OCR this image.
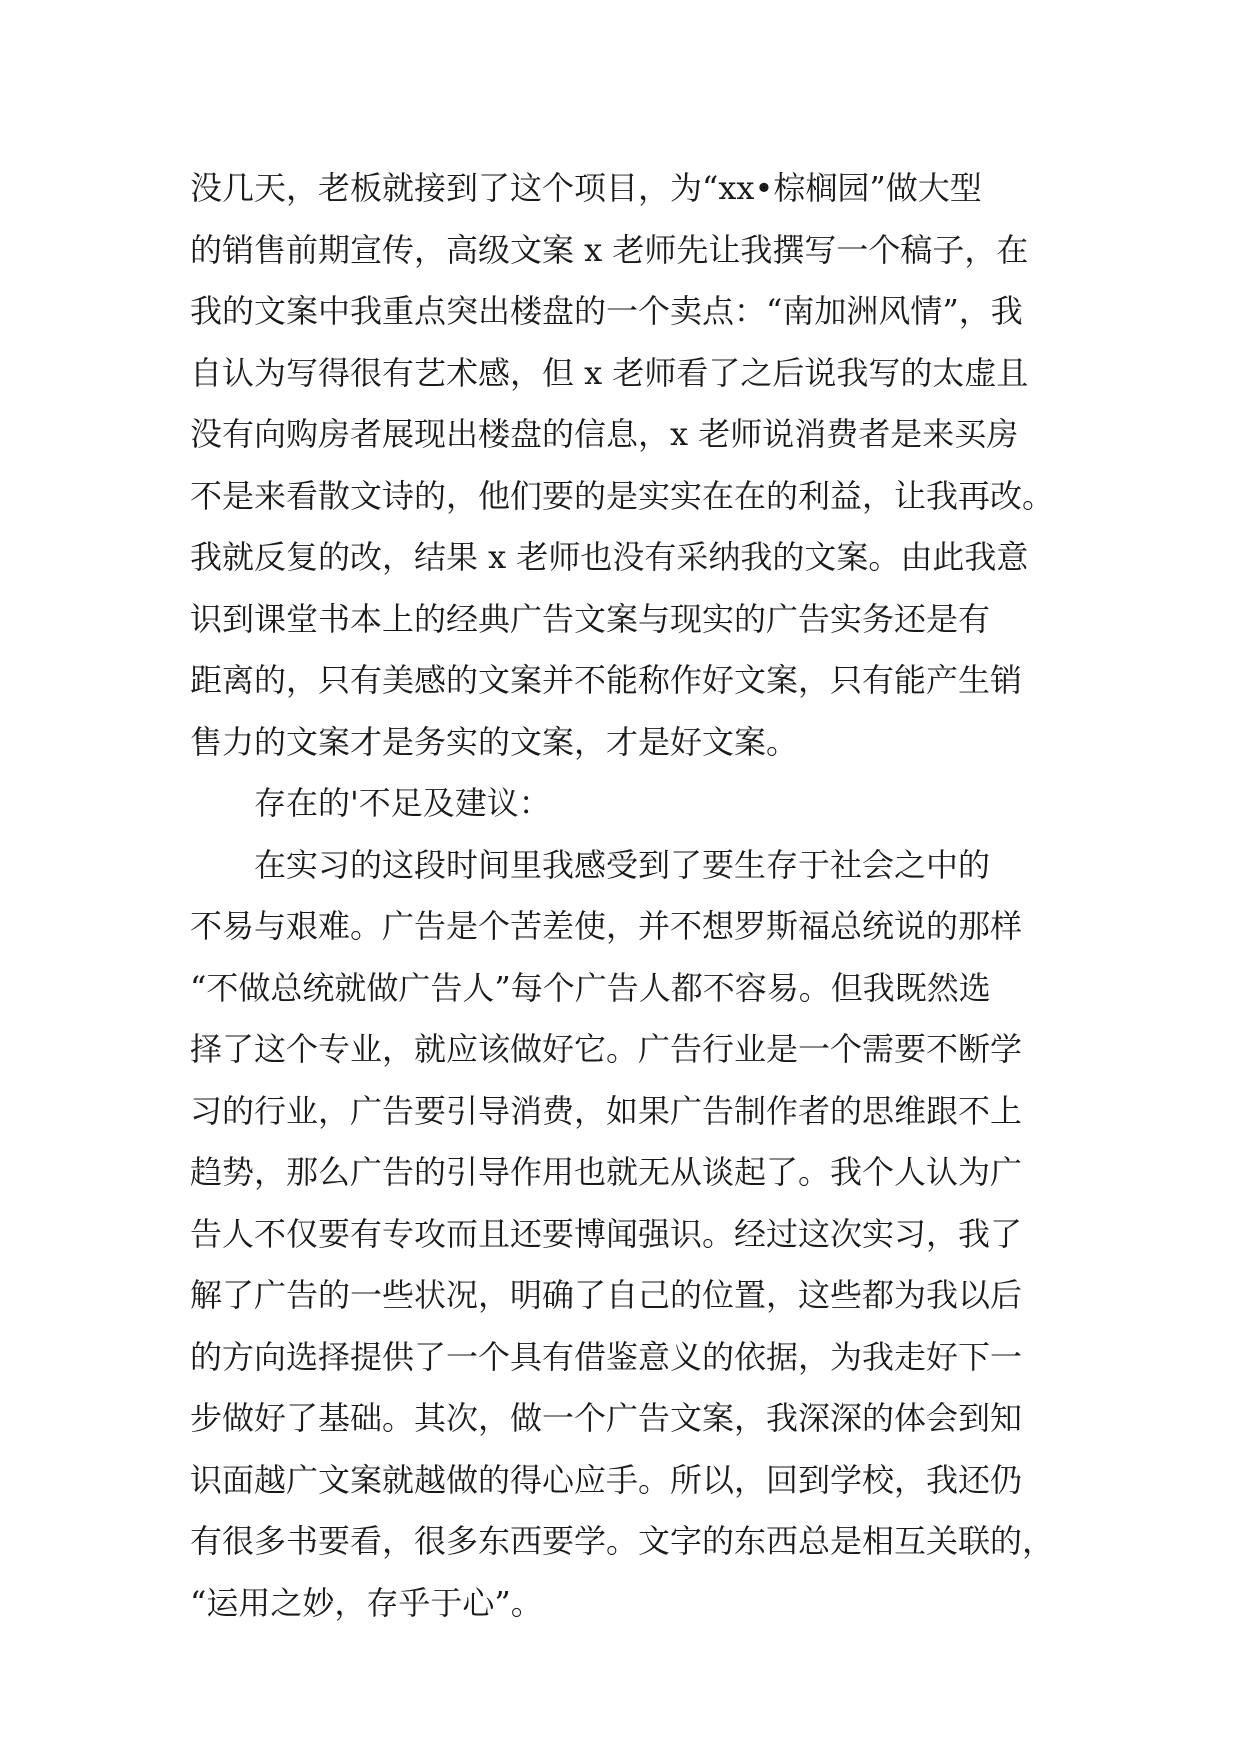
没几天，老板就接到了这个项目，为“xx•棕榈园”做大型
的销售前期宣传，高级文案 x 老师先让我撰写一个稿子，在
我的文案中我重点突出楼盘的一个卖点：“南加洲风情”，我
自认为写得很有艺术感，但 x 老师看了之后说我写的太虚且
没有向购房者展现出楼盘的信息，x 老师说消费者是来买房
不是来看散文诗的，他们要的是实实在在的利益，让我再改。
我就反复的改，结果 x 老师也没有采纳我的文案。由此我意
识到课堂书本上的经典广告文案与现实的广告实务还是有
距离的，只有美感的文案并不能称作好文案，只有能产生销
售力的文案才是务实的文案，才是好文案。
存在的'不足及建议：
在实习的这段时间里我感受到了要生存于社会之中的
不易与艰难。广告是个苦差使，并不想罗斯福总统说的那样
“不做总统就做广告人”每个广告人都不容易。但我既然选
择了这个专业，就应该做好它。广告行业是一个需要不断学
习的行业，广告要引导消费，如果广告制作者的思维跟不上
趋势，那么广告的引导作用也就无从谈起了。我个人认为广
告人不仅要有专攻而且还要博闻强识。经过这次实习，我了
解了广告的一些状况，明确了自己的位置，这些都为我以后
的方向选择提供了一个具有借鉴意义的依据，为我走好下一
步做好了基础。其次，做一个广告文案，我深深的体会到知
识面越广文案就越做的得心应手。所以，回到学校，我还仍
有很多书要看，很多东西要学。文字的东西总是相互关联的，
“运用之妙，存乎于心”。
